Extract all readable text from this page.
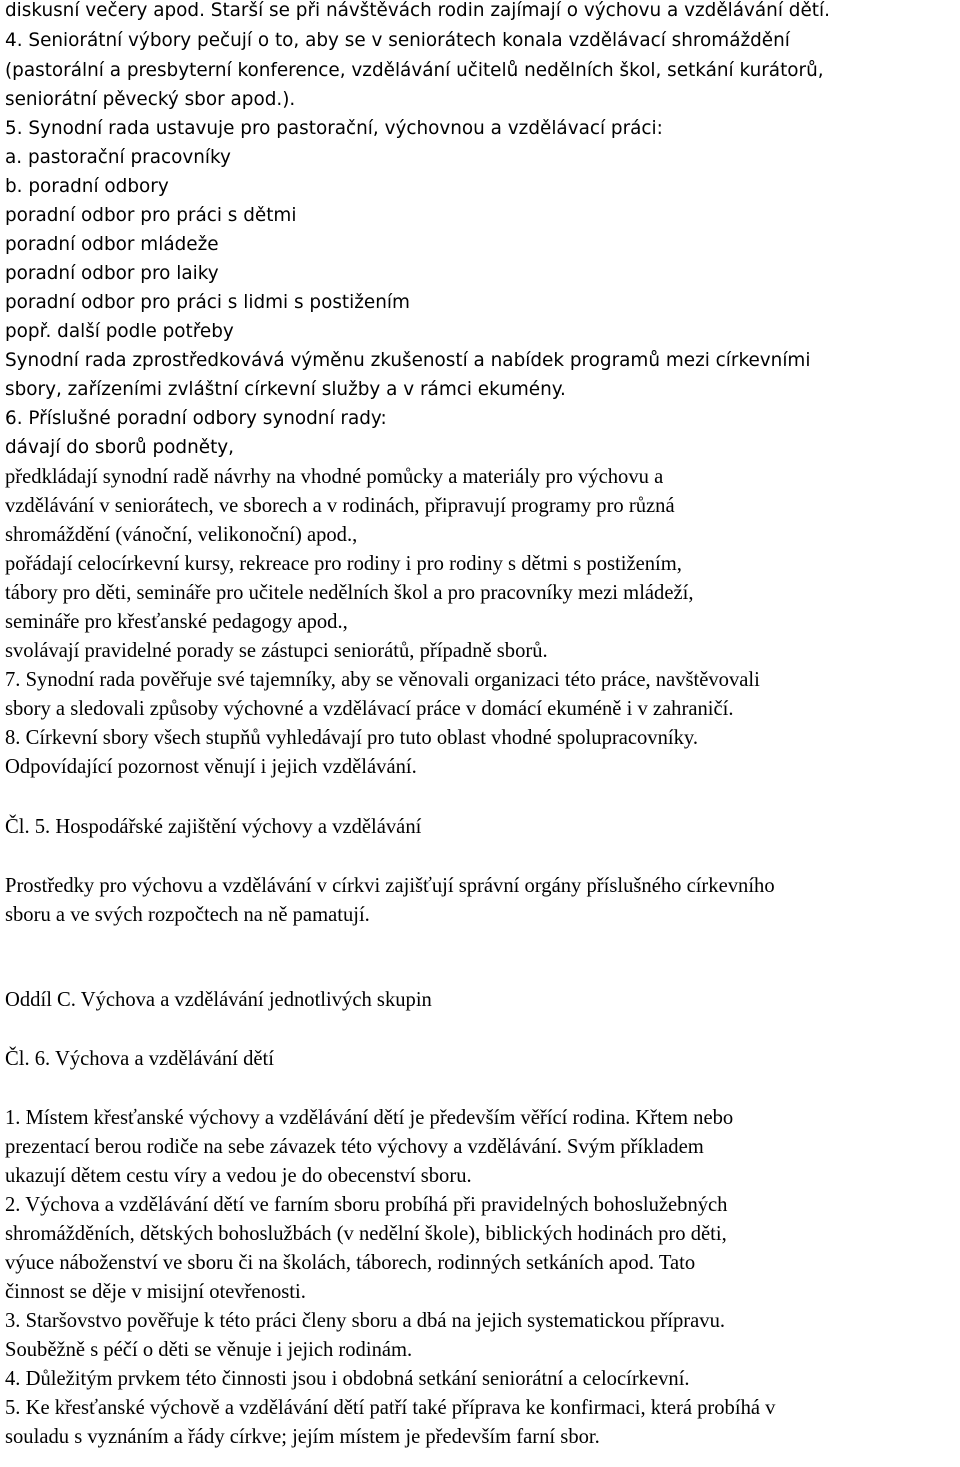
diskusní večery apod. Starší se při návštěvách rodin zajímají o výchovu a vzdělávání dětí.
4. Seniorátní výbory pečují o to, aby se v seniorátech konala vzdělávací shromáždění
(pastorální a presbyterní konference, vzdělávání učitelů nedělních škol, setkání kurátorů,
seniorátní pěvecký sbor apod.).
5. Synodní rada ustavuje pro pastorační, výchovnou a vzdělávací práci:
a. pastorační pracovníky
b. poradní odbory
poradní odbor pro práci s dětmi
poradní odbor mládeže
poradní odbor pro laiky
poradní odbor pro práci s lidmi s postižením
popř. další podle potřeby
Synodní rada zprostředkovává výměnu zkušeností a nabídek programů mezi církevními
sbory, zařízeními zvláštní církevní služby a v rámci ekumény.
6. Příslušné poradní odbory synodní rady:
dávají do sborů podněty,
předkládají synodní radě návrhy na vhodné pomůcky a materiály pro výchovu a
vzdělávání v seniorátech, ve sborech a v rodinách, připravují programy pro různá
shromáždění (vánoční, velikonoční) apod.,
pořádají celocírkevní kursy, rekreace pro rodiny i pro rodiny s dětmi s postižením,
tábory pro děti, semináře pro učitele nedělních škol a pro pracovníky mezi mládeží,
semináře pro křesťanské pedagogy apod.,
svolávají pravidelné porady se zástupci seniorátů, případně sborů.
7. Synodní rada pověřuje své tajemníky, aby se věnovali organizaci této práce, navštěvovali
sbory a sledovali způsoby výchovné a vzdělávací práce v domácí ekuméně i v zahraničí.
8. Církevní sbory všech stupňů vyhledávají pro tuto oblast vhodné spolupracovníky.
Odpovídající pozornost věnují i jejich vzdělávání.
Čl. 5. Hospodářské zajištění výchovy a vzdělávání
Prostředky pro výchovu a vzdělávání v církvi zajišťují správní orgány příslušného církevního
sboru a ve svých rozpočtech na ně pamatují.
Oddíl C. Výchova a vzdělávání jednotlivých skupin
Čl. 6. Výchova a vzdělávání dětí
1. Místem křesťanské výchovy a vzdělávání dětí je především věřící rodina. Křtem nebo
prezentací berou rodiče na sebe závazek této výchovy a vzdělávání. Svým příkladem
ukazují dětem cestu víry a vedou je do obecenství sboru.
2. Výchova a vzdělávání dětí ve farním sboru probíhá při pravidelných bohoslužebných
shromážděních, dětských bohoslužbách (v nedělní škole), biblických hodinách pro děti,
výuce náboženství ve sboru či na školách, táborech, rodinných setkáních apod. Tato
činnost se děje v misijní otevřenosti.
3. Staršovstvo pověřuje k této práci členy sboru a dbá na jejich systematickou přípravu.
Souběžně s péčí o děti se věnuje i jejich rodinám.
4. Důležitým prvkem této činnosti jsou i obdobná setkání seniorátní a celocírkevní.
5. Ke křesťanské výchově a vzdělávání dětí patří také příprava ke konfirmaci, která probíhá v
souladu s vyznáním a řády církve; jejím místem je především farní sbor.
